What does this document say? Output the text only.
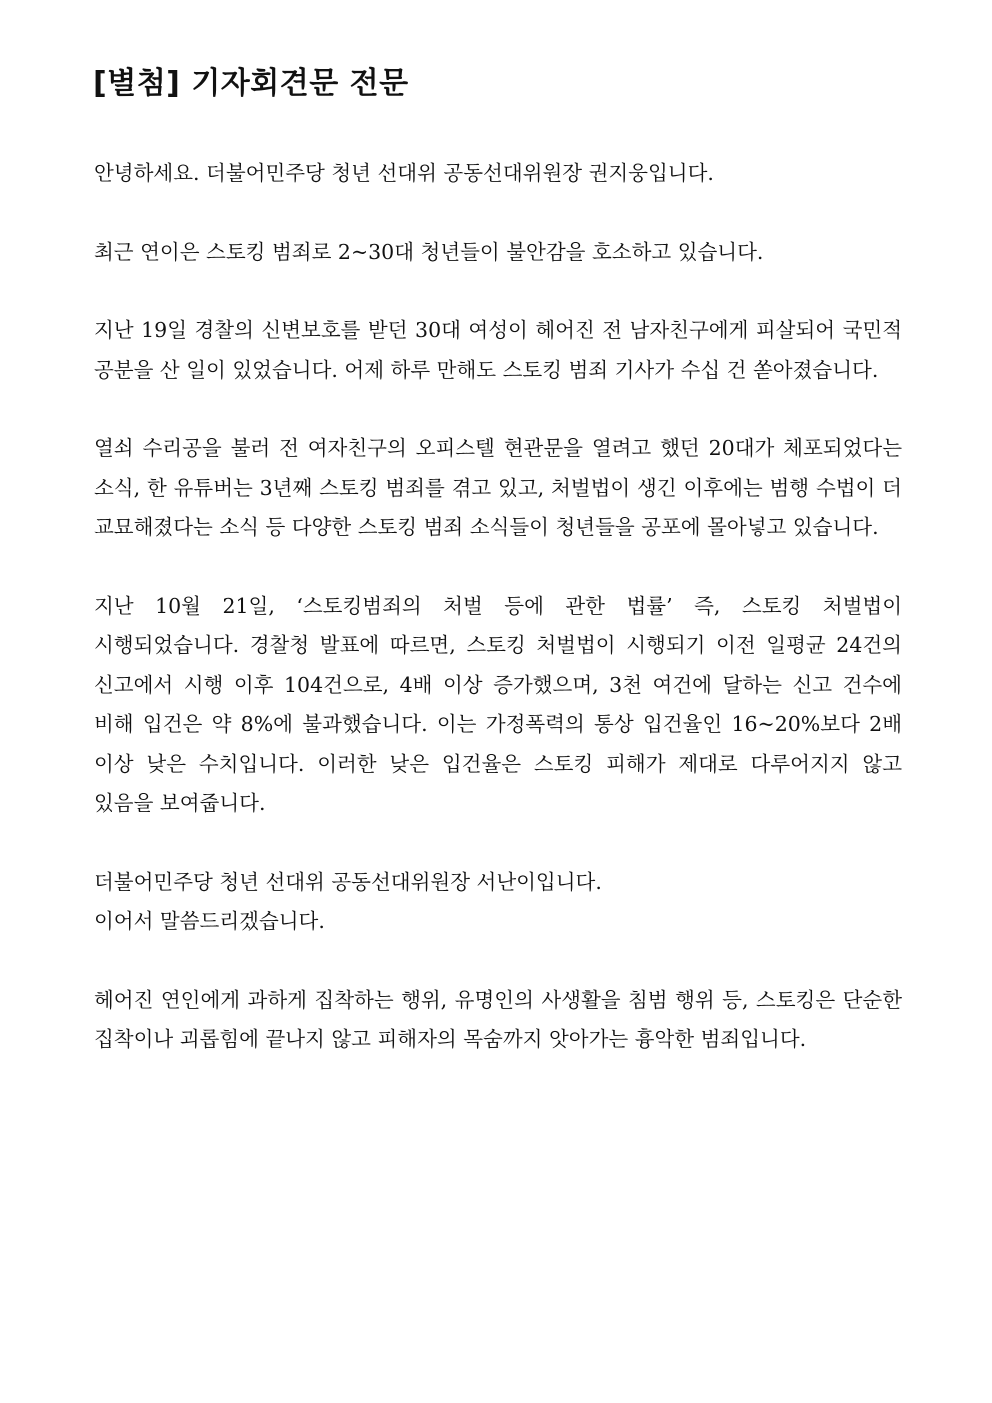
[별첨] 기자회견문 전문

안녕하세요. 더불어민주당 청년 선대위 공동선대위원장 권지웅입니다.

최근 연이은 스토킹 범죄로 2~30대 청년들이 불안감을 호소하고 있습니다.

지난 19일 경찰의 신변보호를 받던 30대 여성이 헤어진 전 남자친구에게 피살되어 국민적 공분을 산 일이 있었습니다. 어제 하루 만해도 스토킹 범죄 기사가 수십 건 쏟아졌습니다.

열쇠 수리공을 불러 전 여자친구의 오피스텔 현관문을 열려고 했던 20대가 체포되었다는 소식, 한 유튜버는 3년째 스토킹 범죄를 겪고 있고, 처벌법이 생긴 이후에는 범행 수법이 더 교묘해졌다는 소식 등 다양한 스토킹 범죄 소식들이 청년들을 공포에 몰아넣고 있습니다.

지난 10월 21일, ‘스토킹범죄의 처벌 등에 관한 법률’ 즉, 스토킹 처벌법이 시행되었습니다. 경찰청 발표에 따르면, 스토킹 처벌법이 시행되기 이전 일평균 24건의 신고에서 시행 이후 104건으로, 4배 이상 증가했으며, 3천 여건에 달하는 신고 건수에 비해 입건은 약 8%에 불과했습니다. 이는 가정폭력의 통상 입건율인 16~20%보다 2배 이상 낮은 수치입니다. 이러한 낮은 입건율은 스토킹 피해가 제대로 다루어지지 않고 있음을 보여줍니다.

더불어민주당 청년 선대위 공동선대위원장 서난이입니다.

이어서 말씀드리겠습니다.

헤어진 연인에게 과하게 집착하는 행위, 유명인의 사생활을 침범 행위 등, 스토킹은 단순한 집착이나 괴롭힘에 끝나지 않고 피해자의 목숨까지 앗아가는 흉악한 범죄입니다.
